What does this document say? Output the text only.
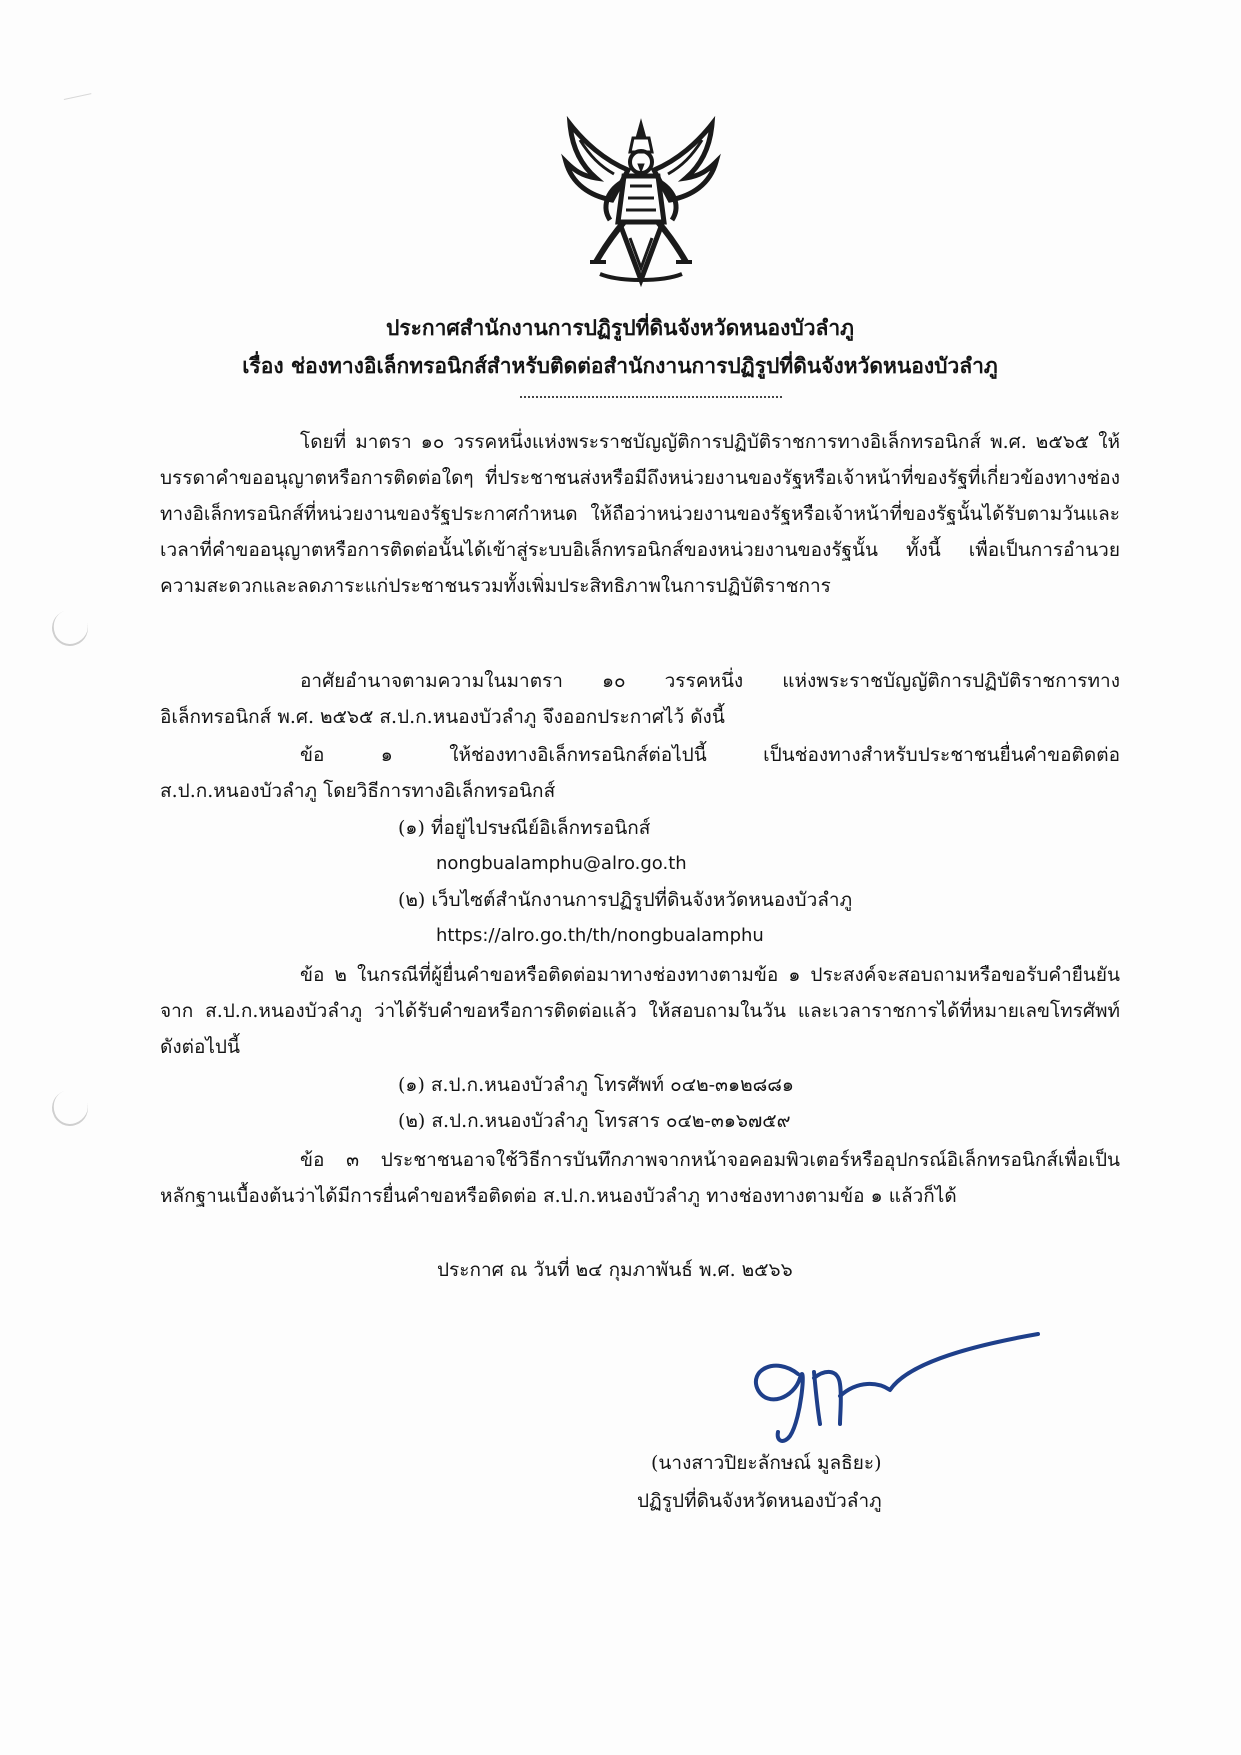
ประกาศสำนักงานการปฏิรูปที่ดินจังหวัดหนองบัวลำภู
เรื่อง ช่องทางอิเล็กทรอนิกส์สำหรับติดต่อสำนักงานการปฏิรูปที่ดินจังหวัดหนองบัวลำภู
โดยที่ มาตรา ๑๐ วรรคหนึ่งแห่งพระราชบัญญัติการปฏิบัติราชการทางอิเล็กทรอนิกส์ พ.ศ. ๒๕๖๕ ให้บรรดาคำขออนุญาตหรือการติดต่อใดๆ ที่ประชาชนส่งหรือมีถึงหน่วยงานของรัฐหรือเจ้าหน้าที่ของรัฐที่เกี่ยวข้องทางช่องทางอิเล็กทรอนิกส์ที่หน่วยงานของรัฐประกาศกำหนด ให้ถือว่าหน่วยงานของรัฐหรือเจ้าหน้าที่ของรัฐนั้นได้รับตามวันและเวลาที่คำขออนุญาตหรือการติดต่อนั้นได้เข้าสู่ระบบอิเล็กทรอนิกส์ของหน่วยงานของรัฐนั้น ทั้งนี้ เพื่อเป็นการอำนวยความสะดวกและลดภาระแก่ประชาชนรวมทั้งเพิ่มประสิทธิภาพในการปฏิบัติราชการ
อาศัยอำนาจตามความในมาตรา ๑๐ วรรคหนึ่ง แห่งพระราชบัญญัติการปฏิบัติราชการทางอิเล็กทรอนิกส์ พ.ศ. ๒๕๖๕ ส.ป.ก.หนองบัวลำภู จึงออกประกาศไว้ ดังนี้
ข้อ ๑ ให้ช่องทางอิเล็กทรอนิกส์ต่อไปนี้ เป็นช่องทางสำหรับประชาชนยื่นคำขอติดต่อ ส.ป.ก.หนองบัวลำภู โดยวิธีการทางอิเล็กทรอนิกส์
(๑) ที่อยู่ไปรษณีย์อิเล็กทรอนิกส์
nongbualamphu@alro.go.th
(๒) เว็บไซต์สำนักงานการปฏิรูปที่ดินจังหวัดหนองบัวลำภู
https://alro.go.th/th/nongbualamphu
ข้อ ๒ ในกรณีที่ผู้ยื่นคำขอหรือติดต่อมาทางช่องทางตามข้อ ๑ ประสงค์จะสอบถามหรือขอรับคำยืนยันจาก ส.ป.ก.หนองบัวลำภู ว่าได้รับคำขอหรือการติดต่อแล้ว ให้สอบถามในวัน และเวลาราชการได้ที่หมายเลขโทรศัพท์ ดังต่อไปนี้
(๑) ส.ป.ก.หนองบัวลำภู โทรศัพท์ ๐๔๒-๓๑๒๘๘๑
(๒) ส.ป.ก.หนองบัวลำภู โทรสาร ๐๔๒-๓๑๖๗๕๙
ข้อ ๓ ประชาชนอาจใช้วิธีการบันทึกภาพจากหน้าจอคอมพิวเตอร์หรืออุปกรณ์อิเล็กทรอนิกส์เพื่อเป็นหลักฐานเบื้องต้นว่าได้มีการยื่นคำขอหรือติดต่อ ส.ป.ก.หนองบัวลำภู ทางช่องทางตามข้อ ๑ แล้วก็ได้
ประกาศ ณ วันที่ ๒๔ กุมภาพันธ์ พ.ศ. ๒๕๖๖
(นางสาวปิยะลักษณ์ มูลธิยะ)
ปฏิรูปที่ดินจังหวัดหนองบัวลำภู
